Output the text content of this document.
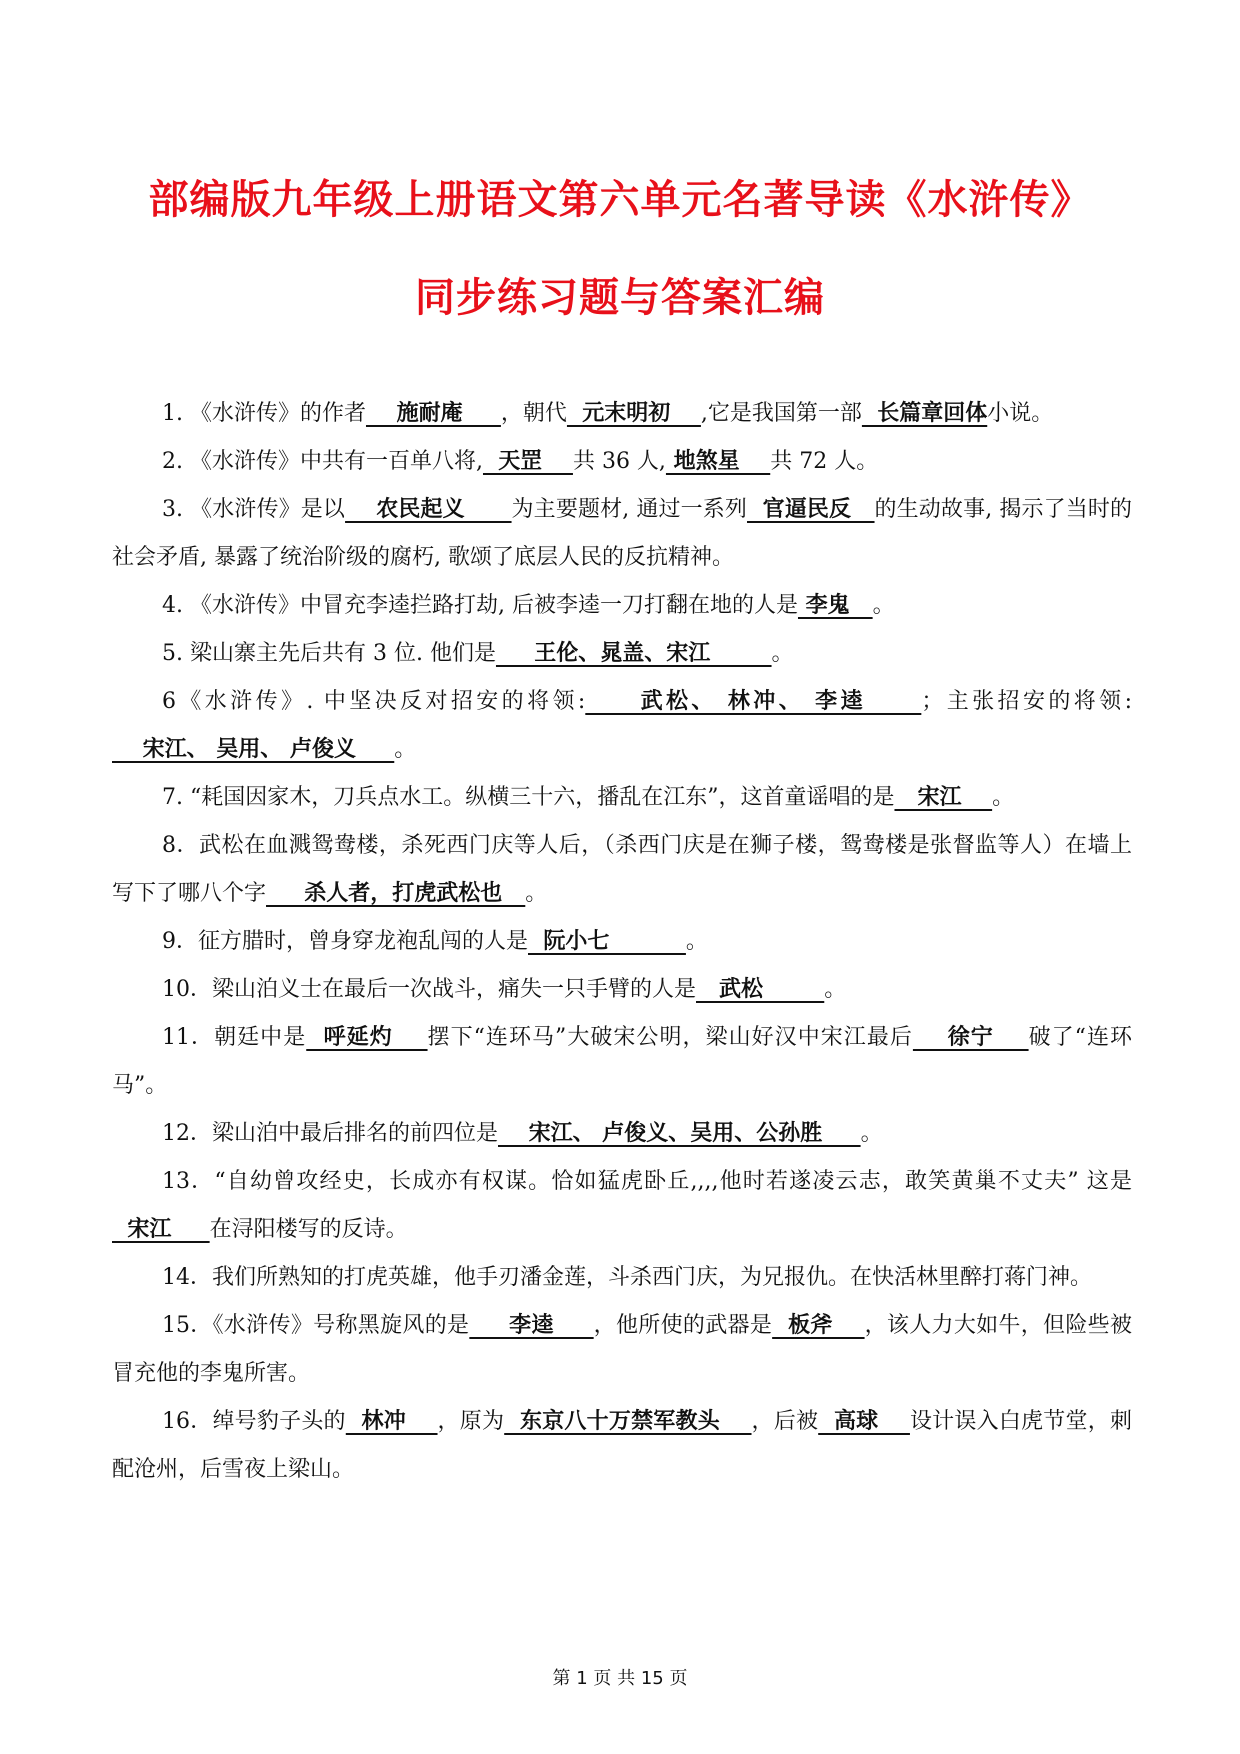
部编版九年级上册语文第六单元名著导读《水浒传》
同步练习题与答案汇编

1. 《水浒传》的作者    施耐庵     ，朝代  元末明初    ,它是我国第一部  长篇章回体小说。

2. 《水浒传》中共有一百单八将,  天罡    共 36 人, 地煞星    共 72 人。

3. 《水浒传》是以    农民起义      为主要题材, 通过一系列  官逼民反   的生动故事, 揭示了当时的社会矛盾, 暴露了统治阶级的腐朽, 歌颂了底层人民的反抗精神。

4. 《水浒传》中冒充李逵拦路打劫, 后被李逵一刀打翻在地的人是 李鬼   。

5. 梁山寨主先后共有 3 位. 他们是     王伦、晁盖、宋江        。

6《水浒传》. 中坚决反对招安的将领:     武松、 林冲、 李逵     ；主张招安的将领:    宋江、 吴用、 卢俊义     。

7. “耗国因家木，刀兵点水工。纵横三十六，播乱在江东”，这首童谣唱的是   宋江    。

8．武松在血溅鸳鸯楼，杀死西门庆等人后，（杀西门庆是在狮子楼，鸳鸯楼是张督监等人）在墙上写下了哪八个字     杀人者，打虎武松也   。

9．征方腊时，曾身穿龙袍乱闯的人是  阮小七          。

10．梁山泊义士在最后一次战斗，痛失一只手臂的人是   武松        。

11．朝廷中是  呼延灼    摆下“连环马”大破宋公明，梁山好汉中宋江最后    徐宁    破了“连环马”。

12．梁山泊中最后排名的前四位是    宋江、 卢俊义、吴用、公孙胜     。

13．“自幼曾攻经史，长成亦有权谋。恰如猛虎卧丘,,,,他时若遂凌云志，敢笑黄巢不丈夫” 这是  宋江     在浔阳楼写的反诗。

14．我们所熟知的打虎英雄，他手刃潘金莲，斗杀西门庆，为兄报仇。在快活林里醉打蒋门神。

15．《水浒传》号称黑旋风的是     李逵     ，他所使的武器是  板斧    ，该人力大如牛，但险些被冒充他的李鬼所害。

16．绰号豹子头的  林冲    ，原为  东京八十万禁军教头    ，后被  高球    设计误入白虎节堂，刺配沧州，后雪夜上梁山。

第 1 页 共 15 页
